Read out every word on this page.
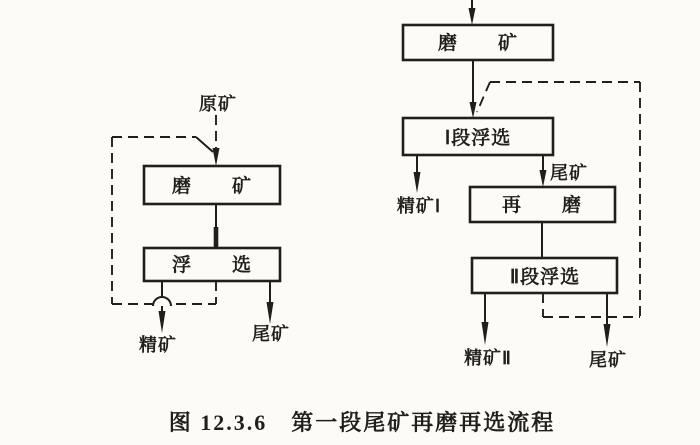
原矿
磨　　矿
浮　　选
精矿
尾矿
磨　　矿
Ⅰ段浮选
精矿Ⅰ
尾矿
再　　磨
Ⅱ段浮选
精矿Ⅱ	尾矿
图 12.3.6　第一段尾矿再磨再选流程
